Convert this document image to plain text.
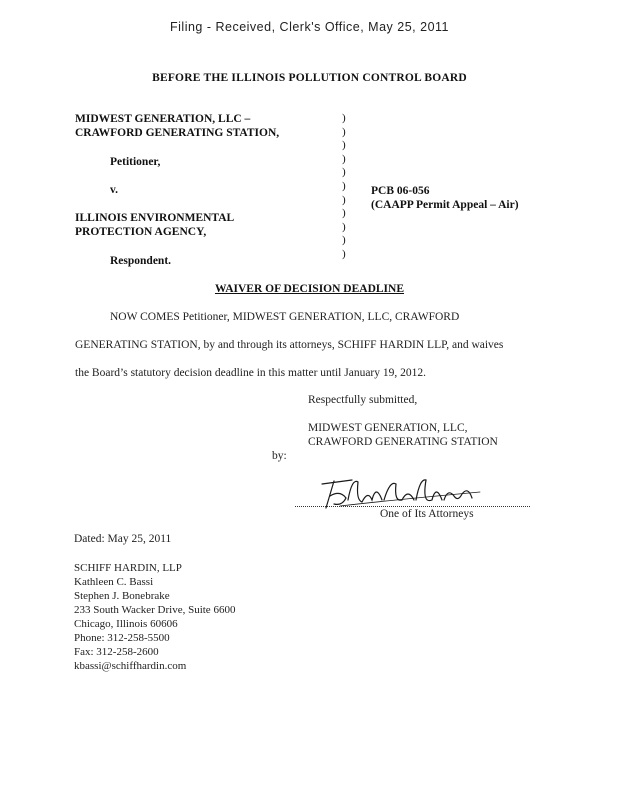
Filing - Received, Clerk's Office, May 25, 2011
BEFORE THE ILLINOIS POLLUTION CONTROL BOARD
MIDWEST GENERATION, LLC –
CRAWFORD GENERATING STATION,
Petitioner,
v.
ILLINOIS ENVIRONMENTAL
PROTECTION AGENCY,
Respondent.
)
)
)
)
)
)
)
)
)
)
)
PCB 06-056
(CAAPP Permit Appeal – Air)
WAIVER OF DECISION DEADLINE
NOW COMES Petitioner, MIDWEST GENERATION, LLC, CRAWFORD
GENERATING STATION, by and through its attorneys, SCHIFF HARDIN LLP, and waives
the Board’s statutory decision deadline in this matter until January 19, 2012.
Respectfully submitted,
MIDWEST GENERATION, LLC,
CRAWFORD GENERATING STATION
by:
One of Its Attorneys
Dated: May 25, 2011
SCHIFF HARDIN, LLP
Kathleen C. Bassi
Stephen J. Bonebrake
233 South Wacker Drive, Suite 6600
Chicago, Illinois 60606
Phone: 312-258-5500
Fax: 312-258-2600
kbassi@schiffhardin.com
